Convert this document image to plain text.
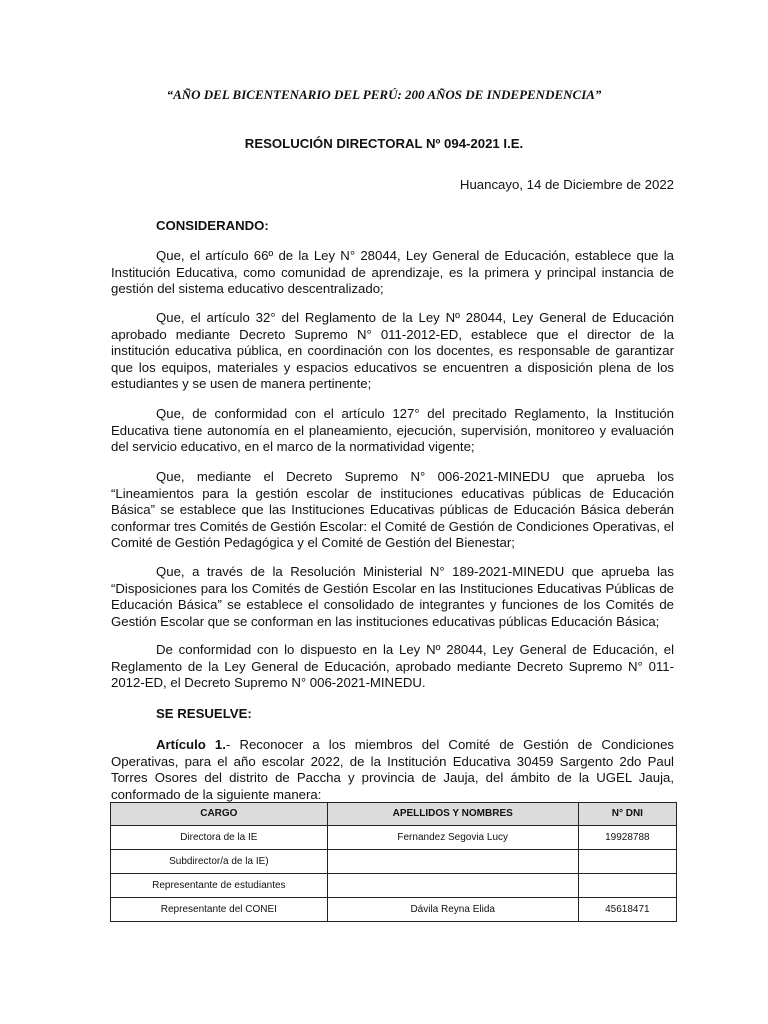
“AÑO DEL BICENTENARIO DEL PERÚ: 200 AÑOS DE INDEPENDENCIA”
RESOLUCIÓN DIRECTORAL Nº 094-2021 I.E.
Huancayo, 14 de Diciembre de 2022
CONSIDERANDO:
Que, el artículo 66º de la Ley N° 28044, Ley General de Educación, establece que la Institución Educativa, como comunidad de aprendizaje, es la primera y principal instancia de gestión del sistema educativo descentralizado;
Que, el artículo 32° del Reglamento de la Ley Nº 28044, Ley General de Educación aprobado mediante Decreto Supremo N° 011-2012-ED, establece que el director de la institución educativa pública, en coordinación con los docentes, es responsable de garantizar que los equipos, materiales y espacios educativos se encuentren a disposición plena de los estudiantes y se usen de manera pertinente;
Que, de conformidad con el artículo 127° del precitado Reglamento, la Institución Educativa tiene autonomía en el planeamiento, ejecución, supervisión, monitoreo y evaluación del servicio educativo, en el marco de la normatividad vigente;
Que, mediante el Decreto Supremo N° 006-2021-MINEDU que aprueba los “Lineamientos para la gestión escolar de instituciones educativas públicas de Educación Básica” se establece que las Instituciones Educativas públicas de Educación Básica deberán conformar tres Comités de Gestión Escolar: el Comité de Gestión de Condiciones Operativas, el Comité de Gestión Pedagógica y el Comité de Gestión del Bienestar;
Que, a través de la Resolución Ministerial N° 189-2021-MINEDU que aprueba las “Disposiciones para los Comités de Gestión Escolar en las Instituciones Educativas Públicas de Educación Básica” se establece el consolidado de integrantes y funciones de los Comités de Gestión Escolar que se conforman en las instituciones educativas públicas Educación Básica;
De conformidad con lo dispuesto en la Ley Nº 28044, Ley General de Educación, el Reglamento de la Ley General de Educación, aprobado mediante Decreto Supremo N° 011-2012-ED, el Decreto Supremo N° 006-2021-MINEDU.
SE RESUELVE:
Artículo 1.- Reconocer a los miembros del Comité de Gestión de Condiciones Operativas, para el año escolar 2022, de la Institución Educativa 30459 Sargento 2do Paul Torres Osores del distrito de Paccha y provincia de Jauja, del ámbito de la UGEL Jauja, conformado de la siguiente manera:
CARGO	APELLIDOS Y NOMBRES	N° DNI
Directora de la IE	Fernandez Segovia Lucy	19928788
Subdirector/a de la IE)		
Representante de estudiantes		
Representante del CONEI	Dávila Reyna Elida	45618471
